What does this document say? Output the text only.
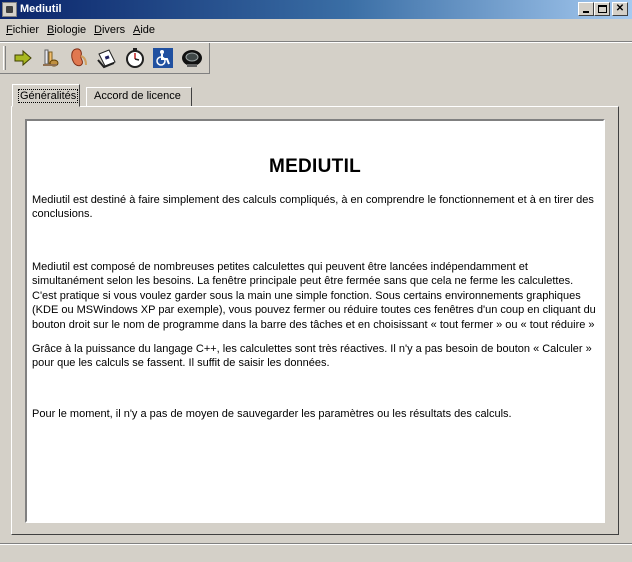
Mediutil	✕
Fichier Biologie Divers Aide
Généralités Accord de licence
MEDIUTIL
Mediutil est destiné à faire simplement des calculs compliqués, à en comprendre le fonctionnement et à en tirer des conclusions.
Mediutil est composé de nombreuses petites calculettes qui peuvent être lancées indépendamment et simultanément selon les besoins. La fenêtre principale peut être fermée sans que cela ne ferme les calculettes. C'est pratique si vous voulez garder sous la main une simple fonction. Sous certains environnements graphiques (KDE ou MSWindows XP par exemple), vous pouvez fermer ou réduire toutes ces fenêtres d'un coup en cliquant du bouton droit sur le nom de programme dans la barre des tâches et en choisissant « tout fermer » ou « tout réduire »
Grâce à la puissance du langage C++, les calculettes sont très réactives. Il n'y a pas besoin de bouton « Calculer » pour que les calculs se fassent. Il suffit de saisir les données.
Pour le moment, il n'y a pas de moyen de sauvegarder les paramètres ou les résultats des calculs.
